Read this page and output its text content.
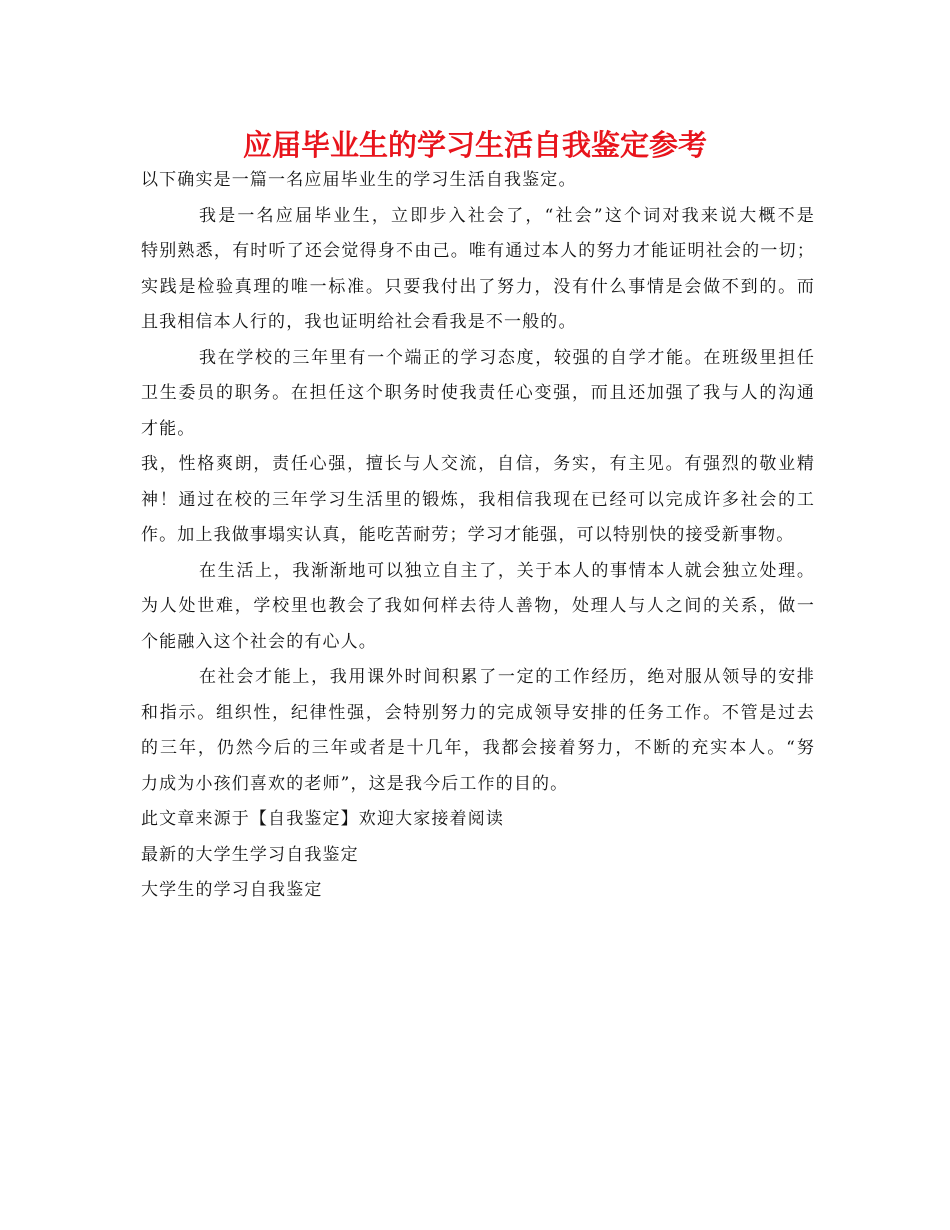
应届毕业生的学习生活自我鉴定参考
以下确实是一篇一名应届毕业生的学习生活自我鉴定。
我是一名应届毕业生，立即步入社会了，“社会”这个词对我来说大概不是
特别熟悉，有时听了还会觉得身不由己。唯有通过本人的努力才能证明社会的一切；
实践是检验真理的唯一标准。只要我付出了努力，没有什么事情是会做不到的。而
且我相信本人行的，我也证明给社会看我是不一般的。
我在学校的三年里有一个端正的学习态度，较强的自学才能。在班级里担任
卫生委员的职务。在担任这个职务时使我责任心变强，而且还加强了我与人的沟通
才能。
我，性格爽朗，责任心强，擅长与人交流，自信，务实，有主见。有强烈的敬业精
神！通过在校的三年学习生活里的锻炼，我相信我现在已经可以完成许多社会的工
作。加上我做事塌实认真，能吃苦耐劳；学习才能强，可以特别快的接受新事物。
在生活上，我渐渐地可以独立自主了，关于本人的事情本人就会独立处理。
为人处世难，学校里也教会了我如何样去待人善物，处理人与人之间的关系，做一
个能融入这个社会的有心人。
在社会才能上，我用课外时间积累了一定的工作经历，绝对服从领导的安排
和指示。组织性，纪律性强，会特别努力的完成领导安排的任务工作。不管是过去
的三年，仍然今后的三年或者是十几年，我都会接着努力，不断的充实本人。“努
力成为小孩们喜欢的老师”，这是我今后工作的目的。
此文章来源于【自我鉴定】欢迎大家接着阅读
最新的大学生学习自我鉴定
大学生的学习自我鉴定
